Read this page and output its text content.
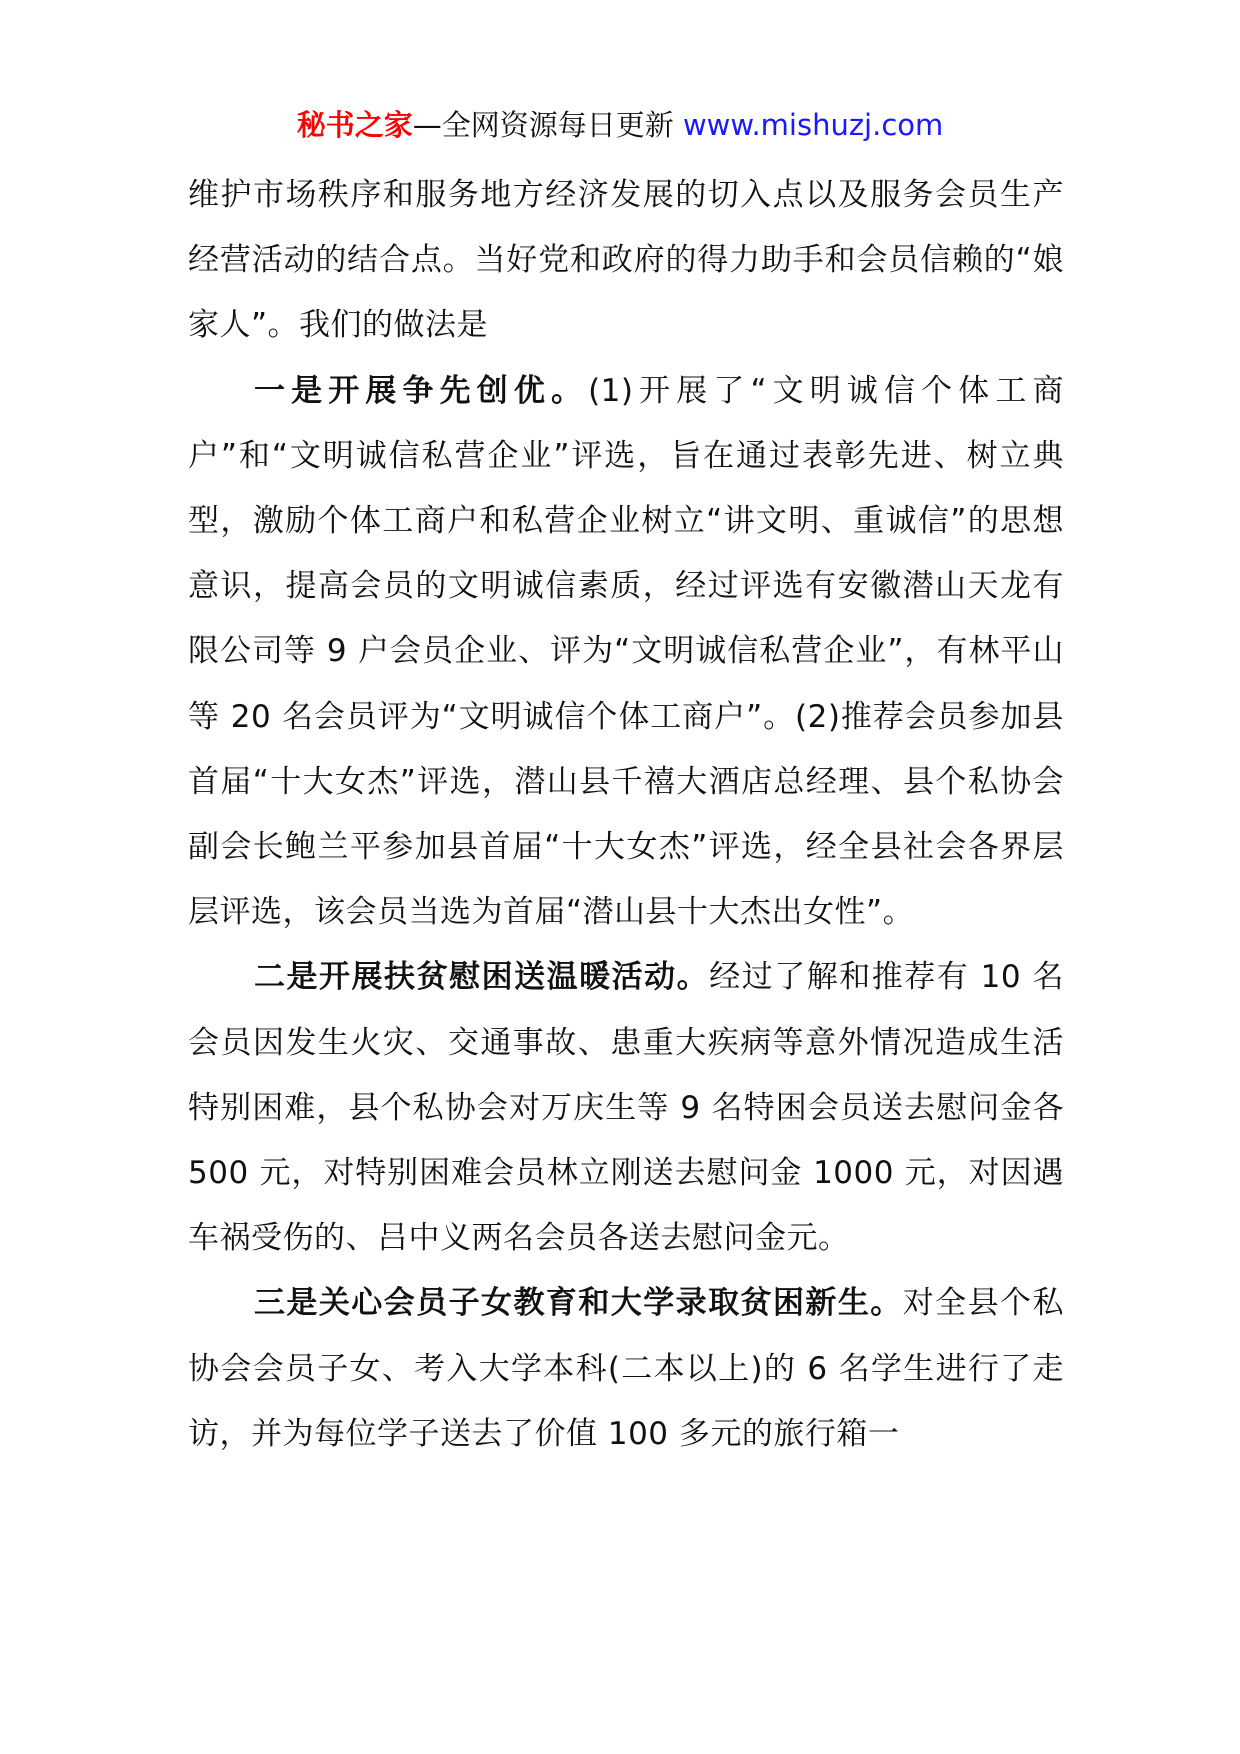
秘书之家—全网资源每日更新 www.mishuzj.com

维护市场秩序和服务地方经济发展的切入点以及服务会员生产经营活动的结合点。当好党和政府的得力助手和会员信赖的“娘家人”。我们的做法是

一是开展争先创优。(1)开展了“文明诚信个体工商户”和“文明诚信私营企业”评选，旨在通过表彰先进、树立典型，激励个体工商户和私营企业树立“讲文明、重诚信”的思想意识，提高会员的文明诚信素质，经过评选有安徽潜山天龙有限公司等 9 户会员企业、评为“文明诚信私营企业”，有林平山等 20 名会员评为“文明诚信个体工商户”。(2)推荐会员参加县首届“十大女杰”评选，潜山县千禧大酒店总经理、县个私协会副会长鲍兰平参加县首届“十大女杰”评选，经全县社会各界层层评选，该会员当选为首届“潜山县十大杰出女性”。

二是开展扶贫慰困送温暖活动。经过了解和推荐有 10 名会员因发生火灾、交通事故、患重大疾病等意外情况造成生活特别困难，县个私协会对万庆生等 9 名特困会员送去慰问金各 500 元，对特别困难会员林立刚送去慰问金 1000 元，对因遇车祸受伤的、吕中义两名会员各送去慰问金元。

三是关心会员子女教育和大学录取贫困新生。对全县个私协会会员子女、考入大学本科(二本以上)的 6 名学生进行了走访，并为每位学子送去了价值 100 多元的旅行箱一
